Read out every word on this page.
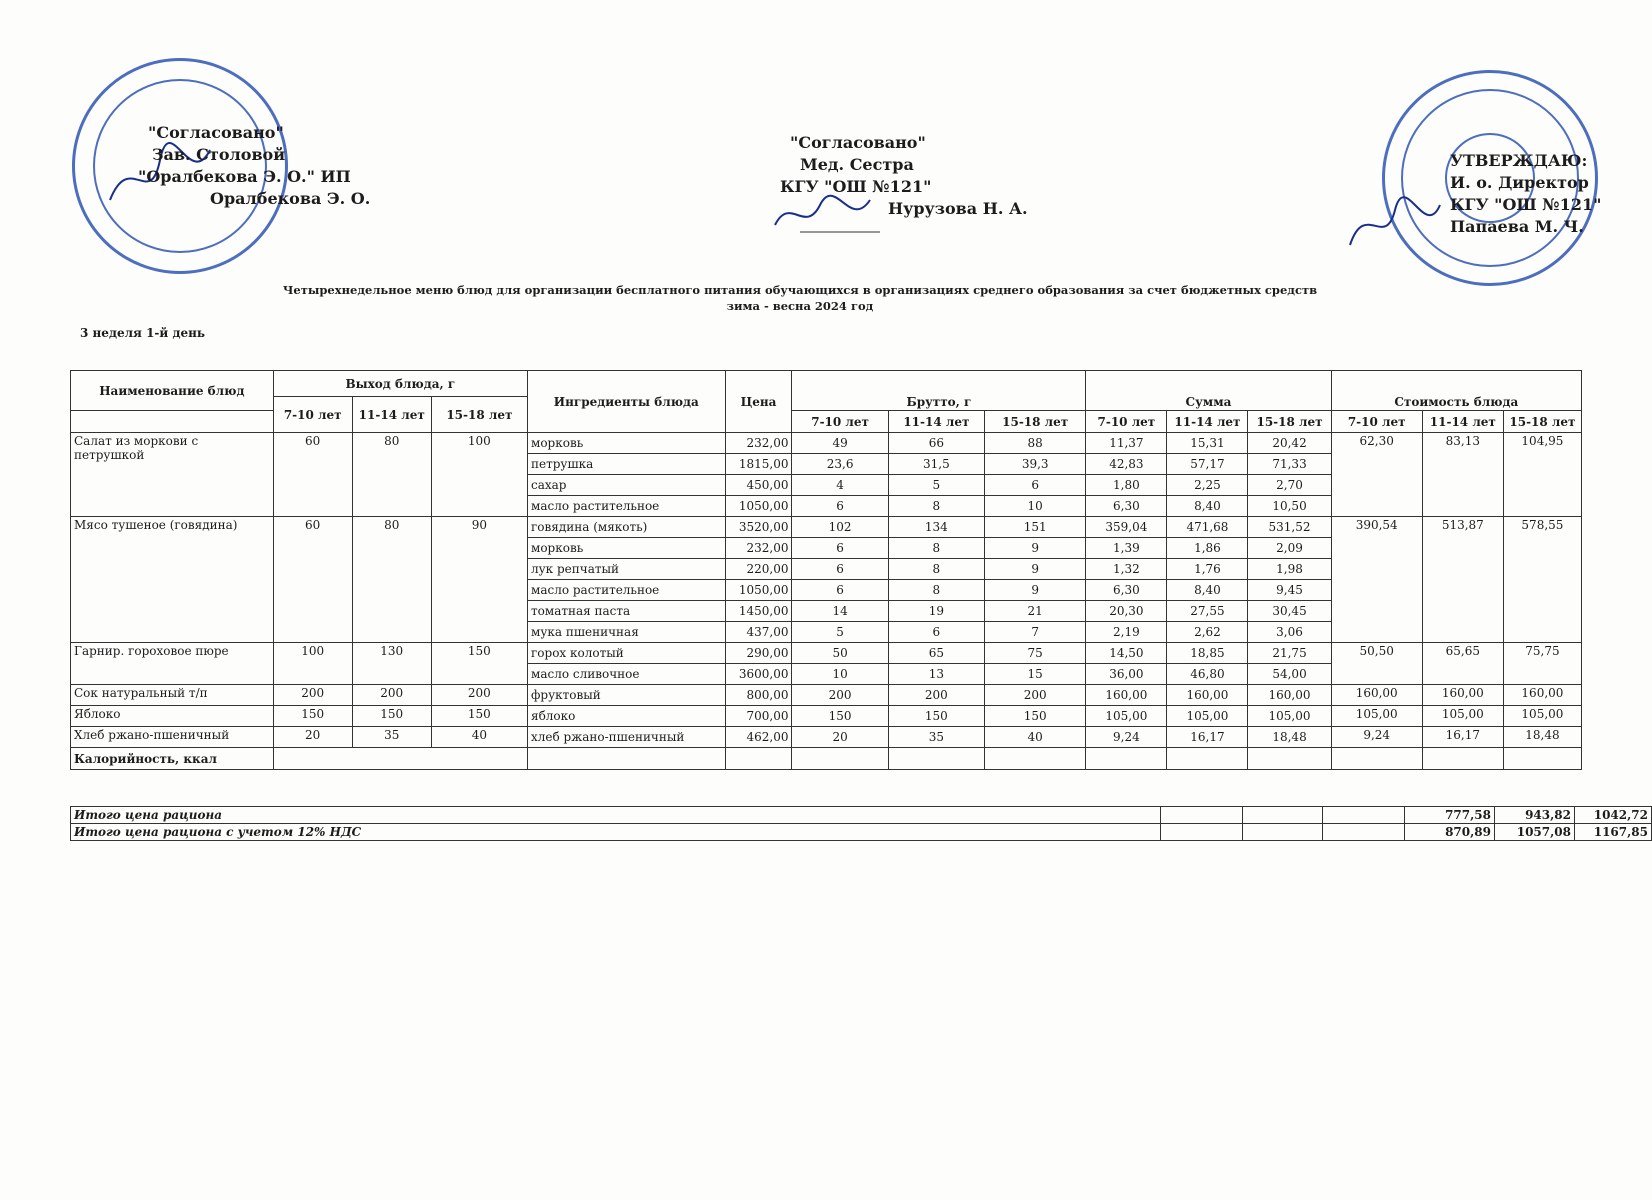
"Согласовано"
Зав. Столовой
"Оралбекова Э. О." ИП
Оралбекова Э. О.
"Согласовано"
Мед. Сестра
КГУ "ОШ №121"
Нурузова Н. А.
УТВЕРЖДАЮ:
И. о. Директор
КГУ "ОШ №121"
Папаева М. Ч.
Четырехнедельное меню блюд для организации бесплатного питания обучающихся в организациях среднего образования за счет бюджетных средств
зима - весна 2024 год
3 неделя 1-й день
Наименование блюд	Выход блюда, г			Ингредиенты блюда	Цена	Брутто, г			Сумма			Стоимость блюда		
	7-10 лет	11-14 лет	15-18 лет											
						7-10 лет	11-14 лет	15-18 лет	7-10 лет	11-14 лет	15-18 лет	7-10 лет	11-14 лет	15-18 лет
Салат из моркови с петрушкой	60	80	100	морковь	232,00	49	66	88	11,37	15,31	20,42	62,30	83,13	104,95
				петрушка	1815,00	23,6	31,5	39,3	42,83	57,17	71,33			
				сахар	450,00	4	5	6	1,80	2,25	2,70			
				масло растительное	1050,00	6	8	10	6,30	8,40	10,50			
Мясо тушеное (говядина)	60	80	90	говядина (мякоть)	3520,00	102	134	151	359,04	471,68	531,52	390,54	513,87	578,55
				морковь	232,00	6	8	9	1,39	1,86	2,09			
				лук репчатый	220,00	6	8	9	1,32	1,76	1,98			
				масло растительное	1050,00	6	8	9	6,30	8,40	9,45			
				томатная паста	1450,00	14	19	21	20,30	27,55	30,45			
				мука пшеничная	437,00	5	6	7	2,19	2,62	3,06			
Гарнир. гороховое пюре	100	130	150	горох колотый	290,00	50	65	75	14,50	18,85	21,75	50,50	65,65	75,75
				масло сливочное	3600,00	10	13	15	36,00	46,80	54,00			
Сок натуральный т/п	200	200	200	фруктовый	800,00	200	200	200	160,00	160,00	160,00	160,00	160,00	160,00
Яблоко	150	150	150	яблоко	700,00	150	150	150	105,00	105,00	105,00	105,00	105,00	105,00
Хлеб ржано-пшеничный	20	35	40	хлеб ржано-пшеничный	462,00	20	35	40	9,24	16,17	18,48	9,24	16,17	18,48
Калорийность, ккал														
Итого цена рациона				777,58	943,82	1042,72
Итого цена рациона с учетом 12% НДС				870,89	1057,08	1167,85
